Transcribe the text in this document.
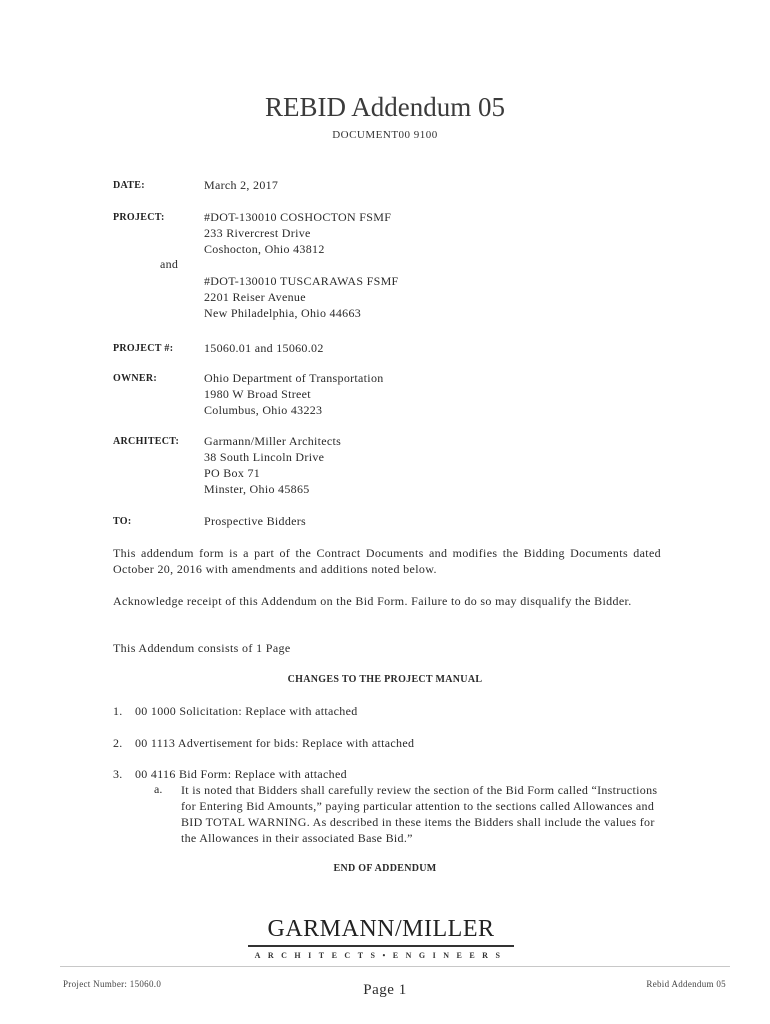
REBID Addendum 05
DOCUMENT00 9100
DATE:	March 2, 2017
PROJECT:	#DOT-130010 COSHOCTON FSMF
233 Rivercrest Drive
Coshocton, Ohio 43812
and
#DOT-130010 TUSCARAWAS FSMF
2201 Reiser Avenue
New Philadelphia, Ohio 44663
PROJECT #:	15060.01 and 15060.02
OWNER:	Ohio Department of Transportation
1980 W Broad Street
Columbus, Ohio 43223
ARCHITECT: Garmann/Miller Architects
38 South Lincoln Drive
PO Box 71
Minster, Ohio 45865
TO:	Prospective Bidders
This addendum form is a part of the Contract Documents and modifies the Bidding Documents dated October 20, 2016 with amendments and additions noted below.
Acknowledge receipt of this Addendum on the Bid Form. Failure to do so may disqualify the Bidder.
This Addendum consists of 1 Page
CHANGES TO THE PROJECT MANUAL
1. 00 1000 Solicitation: Replace with attached
2. 00 1113 Advertisement for bids: Replace with attached
3. 00 4116 Bid Form: Replace with attached
a. It is noted that Bidders shall carefully review the section of the Bid Form called “Instructions for Entering Bid Amounts,” paying particular attention to the sections called Allowances and BID TOTAL WARNING. As described in these items the Bidders shall include the values for the Allowances in their associated Base Bid.”
END OF ADDENDUM
GARMANN/MILLER
ARCHITECTS•ENGINEERS
Project Number: 15060.0	Page 1	Rebid Addendum 05
